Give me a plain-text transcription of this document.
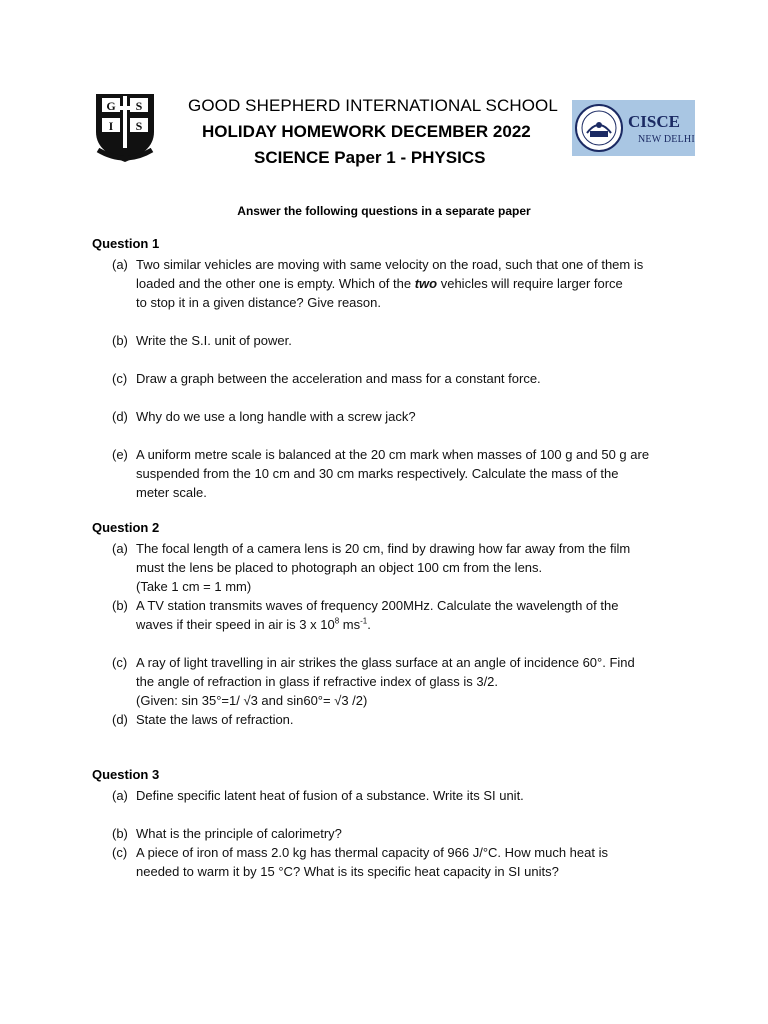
G S
I S
GOOD SHEPHERD INTERNATIONAL SCHOOL
HOLIDAY HOMEWORK DECEMBER 2022
SCIENCE Paper 1 - PHYSICS
CISCE
NEW DELHI
Answer the following questions in a separate paper
Question 1
(a) Two similar vehicles are moving with same velocity on the road, such that one of them is
loaded and the other one is empty. Which of the two vehicles will require larger force
to stop it in a given distance? Give reason.
(b) Write the S.I. unit of power.
(c) Draw a graph between the acceleration and mass for a constant force.
(d) Why do we use a long handle with a screw jack?
(e) A uniform metre scale is balanced at the 20 cm mark when masses of 100 g and 50 g are
suspended from the 10 cm and 30 cm marks respectively. Calculate the mass of the
meter scale.
Question 2
(a) The focal length of a camera lens is 20 cm, find by drawing how far away from the film
must the lens be placed to photograph an object 100 cm from the lens.
(Take 1 cm = 1 mm)
(b) A TV station transmits waves of frequency 200MHz. Calculate the wavelength of the
waves if their speed in air is 3 x $10^8$ $ms^{-1}$.
(c) A ray of light travelling in air strikes the glass surface at an angle of incidence 60°. Find
the angle of refraction in glass if refractive index of glass is 3/2.
(Given: sin 35°=1/ √3 and sin60°= √3 /2)
(d) State the laws of refraction.
Question 3
(a) Define specific latent heat of fusion of a substance. Write its SI unit.
(b) What is the principle of calorimetry?
(c) A piece of iron of mass 2.0 kg has thermal capacity of 966 J/°C. How much heat is
needed to warm it by 15 °C? What is its specific heat capacity in SI units?
